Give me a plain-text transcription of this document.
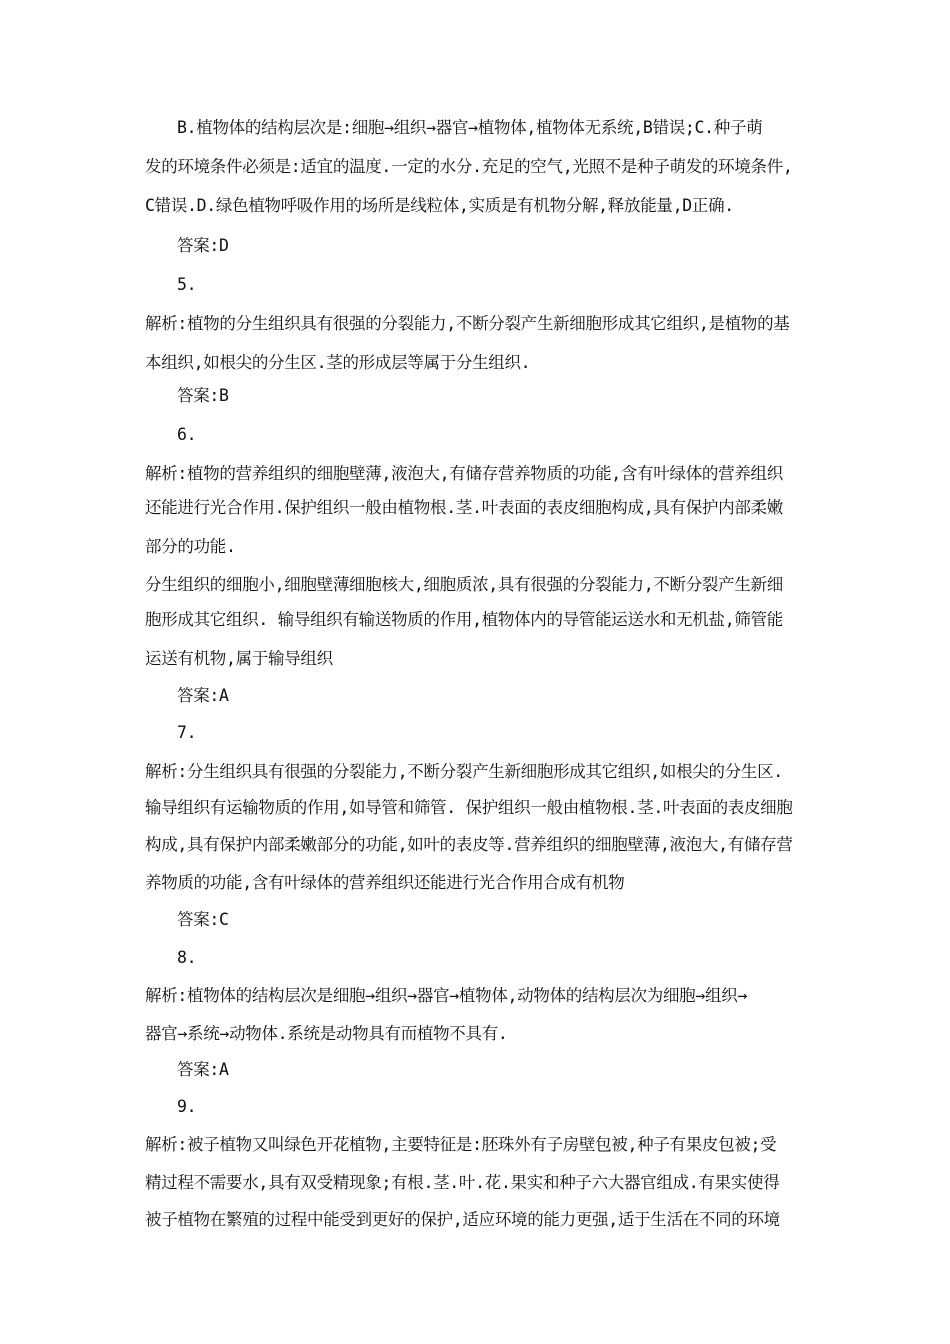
B.植物体的结构层次是:细胞→组织→器官→植物体,植物体无系统,B错误;C.种子萌
发的环境条件必须是:适宜的温度.一定的水分.充足的空气,光照不是种子萌发的环境条件,
C错误.D.绿色植物呼吸作用的场所是线粒体,实质是有机物分解,释放能量,D正确.
答案:D
5.
解析:植物的分生组织具有很强的分裂能力,不断分裂产生新细胞形成其它组织,是植物的基
本组织,如根尖的分生区.茎的形成层等属于分生组织.
答案:B
6.
解析:植物的营养组织的细胞壁薄,液泡大,有储存营养物质的功能,含有叶绿体的营养组织
还能进行光合作用.保护组织一般由植物根.茎.叶表面的表皮细胞构成,具有保护内部柔嫩
部分的功能.
分生组织的细胞小,细胞壁薄细胞核大,细胞质浓,具有很强的分裂能力,不断分裂产生新细
胞形成其它组织. 输导组织有输送物质的作用,植物体内的导管能运送水和无机盐,筛管能
运送有机物,属于输导组织
答案:A
7.
解析:分生组织具有很强的分裂能力,不断分裂产生新细胞形成其它组织,如根尖的分生区.
输导组织有运输物质的作用,如导管和筛管. 保护组织一般由植物根.茎.叶表面的表皮细胞
构成,具有保护内部柔嫩部分的功能,如叶的表皮等.营养组织的细胞壁薄,液泡大,有储存营
养物质的功能,含有叶绿体的营养组织还能进行光合作用合成有机物
答案:C
8.
解析:植物体的结构层次是细胞→组织→器官→植物体,动物体的结构层次为细胞→组织→
器官→系统→动物体.系统是动物具有而植物不具有.
答案:A
9.
解析:被子植物又叫绿色开花植物,主要特征是:胚珠外有子房壁包被,种子有果皮包被;受
精过程不需要水,具有双受精现象;有根.茎.叶.花.果实和种子六大器官组成.有果实使得
被子植物在繁殖的过程中能受到更好的保护,适应环境的能力更强,适于生活在不同的环境
